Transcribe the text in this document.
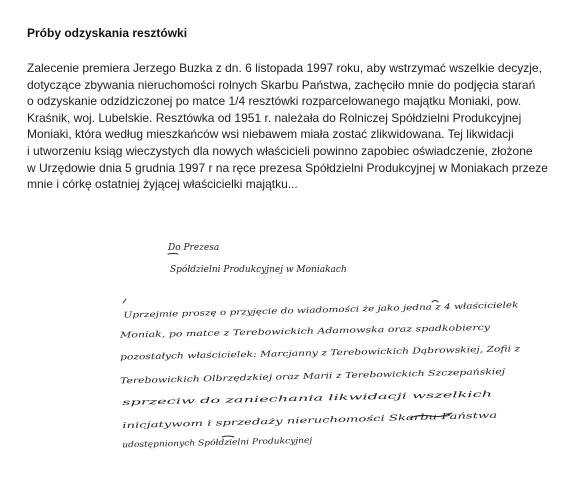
Próby odzyskania resztówki

Zalecenie premiera Jerzego Buzka z dn. 6 listopada 1997 roku, aby wstrzymać wszelkie decyzje,
dotyczące zbywania nieruchomości rolnych Skarbu Państwa, zachęciło mnie do podjęcia starań
o odzyskanie odzidziczonej po matce 1/4 resztówki rozparcelowanego majątku Moniaki, pow.
Kraśnik, woj. Lubelskie. Resztówka od 1951 r. należała do Rolniczej Spółdzielni Produkcyjnej
Moniaki, która według mieszkańców wsi niebawem miała zostać zlikwidowana. Tej likwidacji
i utworzeniu ksiąg wieczystych dla nowych właścicieli powinno zapobiec oświadczenie, złożone
w Urzędowie dnia 5 grudnia 1997 r na ręce prezesa Spółdzielni Produkcyjnej w Moniakach przeze
mnie i córkę ostatniej żyjącej właścicielki majątku...

Do Prezesa
Spółdzielni Produkcyjnej w Moniakach
Uprzejmie proszę o przyjęcie do wiadomości że jako jedna z 4 właścicielek
Moniak, po matce z Terebowickich Adamowska oraz spadkobiercy
pozostałych właścicielek: Marcjanny z Terebowickich Dąbrowskiej, Zofii z
Terebowickich Olbrzędzkiej oraz Marii z Terebowickich Szczepańskiej
sprzeciw do zaniechania likwidacji wszelkich
inicjatywom i sprzedaży nieruchomości Skarbu Państwa
udostępnionych Spółdzielni Produkcyjnej
